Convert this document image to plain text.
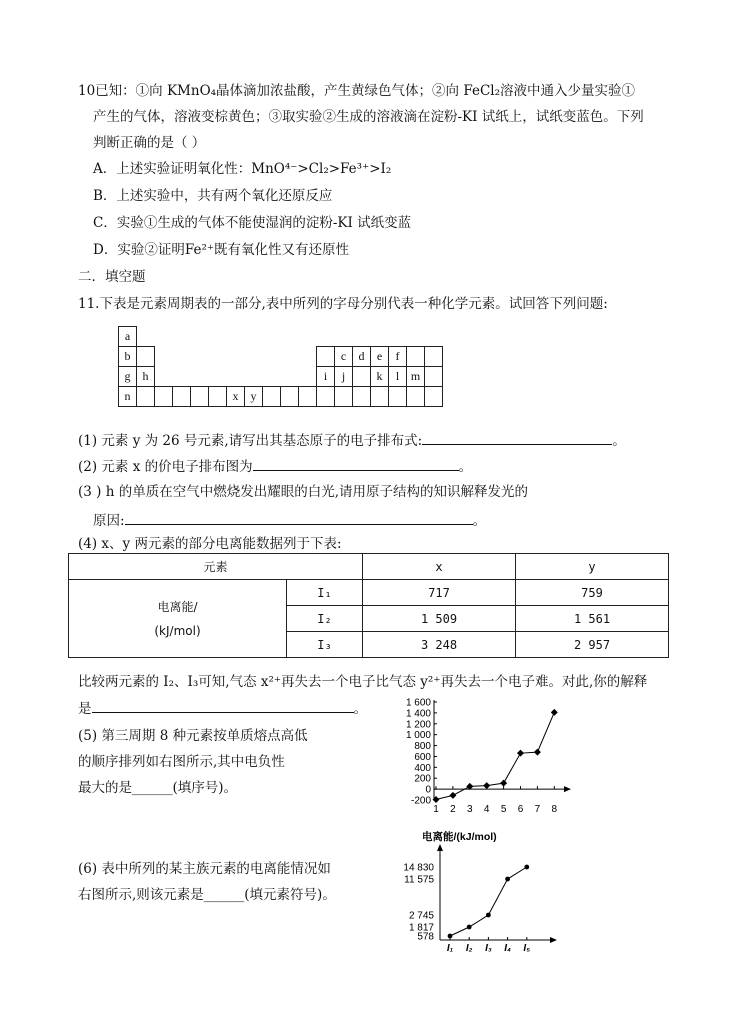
10已知：①向 KMnO₄晶体滴加浓盐酸，产生黄绿色气体；②向 FeCl₂溶液中通入少量实验①
产生的气体，溶液变棕黄色；③取实验②生成的溶液滴在淀粉-KI 试纸上，试纸变蓝色。下列
判断正确的是（ ）
A．上述实验证明氧化性：MnO⁴⁻>Cl₂>Fe³⁺>I₂
B．上述实验中，共有两个氧化还原反应
C．实验①生成的气体不能使湿润的淀粉-KI 试纸变蓝
D．实验②证明Fe²⁺既有氧化性又有还原性
二．填空题
11.下表是元素周期表的一部分,表中所列的字母分别代表一种化学元素。试回答下列问题:
a																	
b												c	d	e	f		
g	h										i	j		k	l	m	
n						x	y										
(1) 元素 y 为 26 号元素,请写出其基态原子的电子排布式:	。
(2) 元素 x 的价电子排布图为	。
(3 ) h 的单质在空气中燃烧发出耀眼的白光,请用原子结构的知识解释发光的
原因:	。
(4) x、y 两元素的部分电离能数据列于下表:
元素		x	y

电离能/
(kJ/mol)	I₁	717	759
	I₂	1 509	1 561
	I₃	3 248	2 957
比较两元素的 I₂、I₃可知,气态 x²⁺再失去一个电子比气态 y²⁺再失去一个电子难。对此,你的解释
是	。
(5) 第三周期 8 种元素按单质熔点高低
的顺序排列如右图所示,其中电负性
最大的是______(填序号)。
(6) 表中所列的某主族元素的电离能情况如
右图所示,则该元素是______(填元素符号)。
1 600
1 400
1 200
1 000
800
600
400
200
0
-200
1 2 3 4 5 6 7 8
电离能/(kJ/mol)
14 830
11 575
2 745
1 817
578
I₁ I₂ I₃ I₄ I₅
